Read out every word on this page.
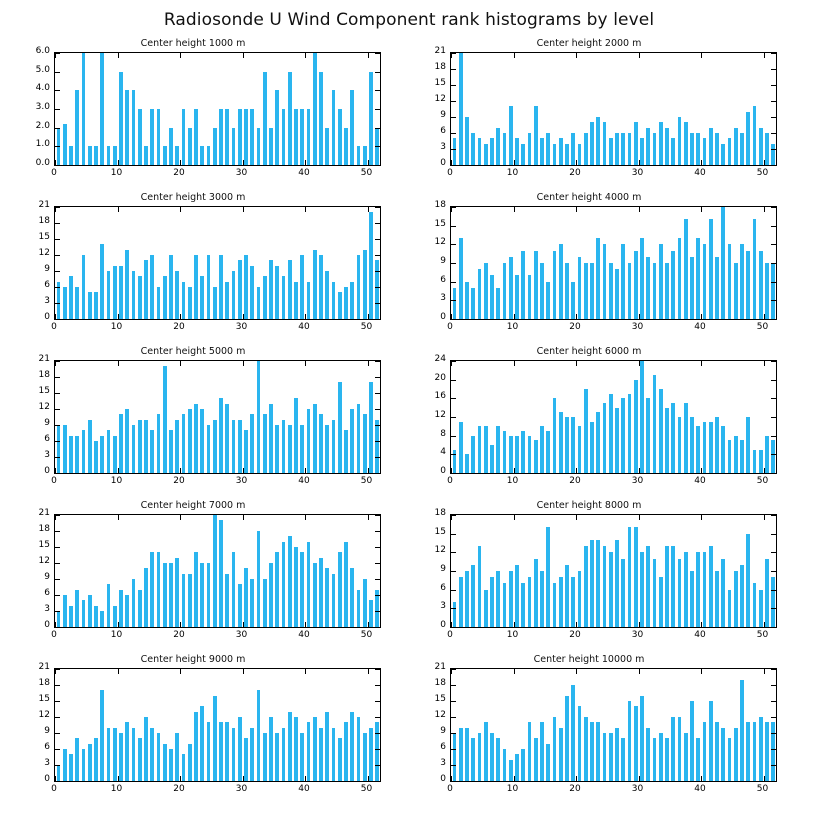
Radiosonde U Wind Component rank histograms by level
Center height 1000 m
0.0
1.0
2.0
3.0
4.0
5.0
6.0
0	10	20	30	40	50
Center height 2000 m
0
3
6
9
12
15
18
21
0	10	20	30	40	50
Center height 3000 m
0
3
6
9
12
15
18
21
0	10	20	30	40	50
Center height 4000 m
0
3
6
9
12
15
18
0	10	20	30	40	50
Center height 5000 m
0
3
6
9
12
15
18
21
0	10	20	30	40	50
Center height 6000 m
0
4
8
12
16
20
24
0	10	20	30	40	50
Center height 7000 m
0
3
6
9
12
15
18
21
0	10	20	30	40	50
Center height 8000 m
0
3
6
9
12
15
18
0	10	20	30	40	50
Center height 9000 m
0
3
6
9
12
15
18
21
0	10	20	30	40	50
Center height 10000 m
0
3
6
9
12
15
18
21
0	10	20	30	40	50
